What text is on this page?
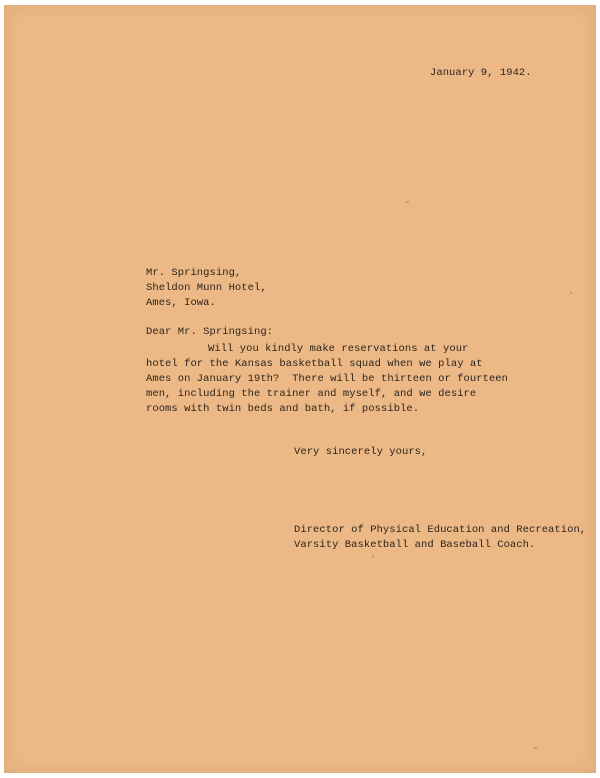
January 9, 1942.
Mr. Springsing,
Sheldon Munn Hotel,
Ames, Iowa.
Dear Mr. Springsing:
Will you kindly make reservations at your
hotel for the Kansas basketball squad when we play at
Ames on January 19th?  There will be thirteen or fourteen
men, including the trainer and myself, and we desire
rooms with twin beds and bath, if possible.
Very sincerely yours,
Director of Physical Education and Recreation,
Varsity Basketball and Baseball Coach.
